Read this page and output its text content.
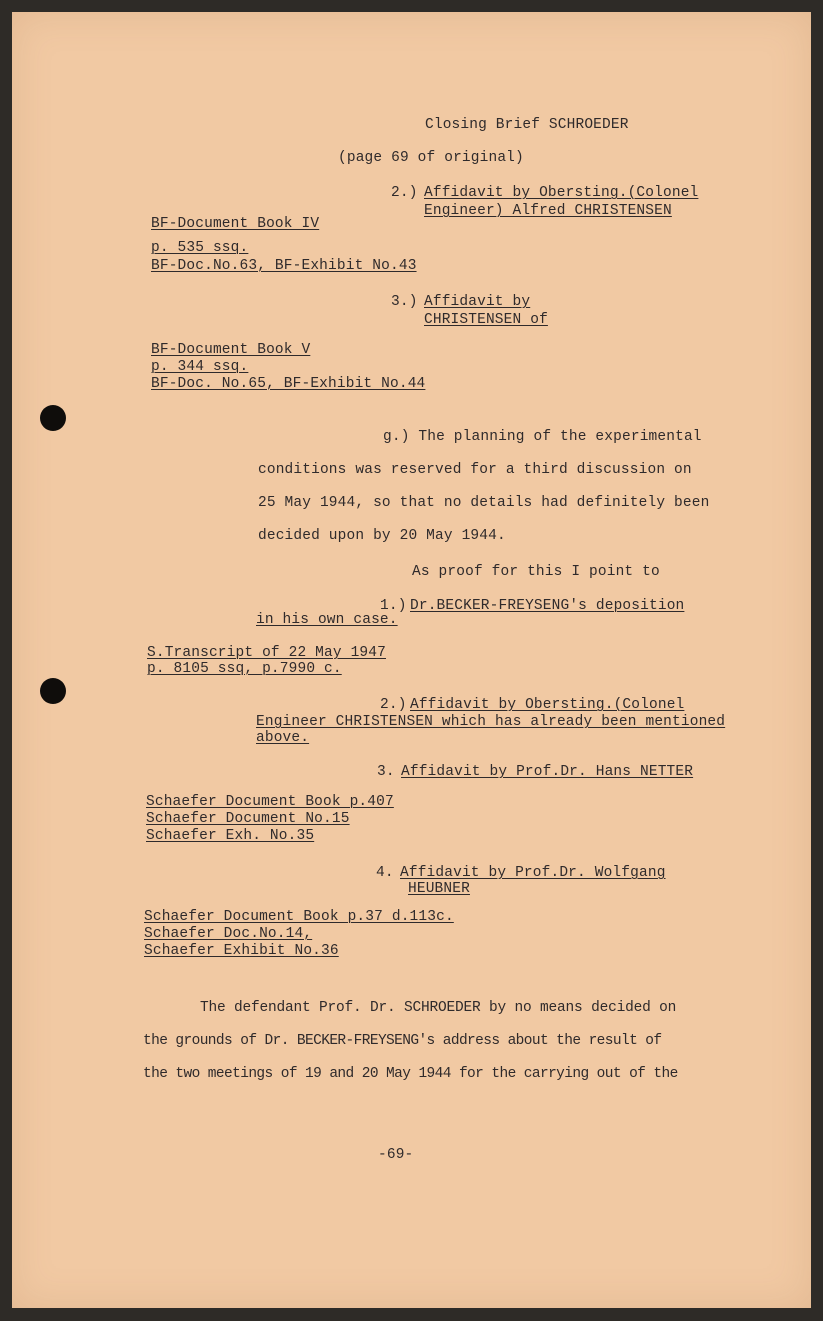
Closing Brief SCHROEDER
(page 69 of original)
2.) Affidavit by Obersting.(Colonel
Engineer) Alfred CHRISTENSEN
BF-Document Book IV
p. 535 ssq.
BF-Doc.No.63, BF-Exhibit No.43
3.) Affidavit by
CHRISTENSEN of
BF-Document Book V
p. 344 ssq.
BF-Doc. No.65, BF-Exhibit No.44
g.) The planning of the experimental
conditions was reserved for a third discussion on
25 May 1944, so that no details had definitely been
decided upon by 20 May 1944.
As proof for this I point to
1.) Dr.BECKER-FREYSENG's deposition
in his own case.
S.Transcript of 22 May 1947
p. 8105 ssq, p.7990 c.
2.) Affidavit by Obersting.(Colonel
Engineer CHRISTENSEN which has already been mentioned
above.
3. Affidavit by Prof.Dr. Hans NETTER
Schaefer Document Book p.407
Schaefer Document No.15
Schaefer Exh. No.35
4. Affidavit by Prof.Dr. Wolfgang
HEUBNER
Schaefer Document Book p.37 d.113c.
Schaefer Doc.No.14,
Schaefer Exhibit No.36
The defendant Prof. Dr. SCHROEDER by no means decided on
the grounds of Dr. BECKER-FREYSENG's address about the result of
the two meetings of 19 and 20 May 1944 for the carrying out of the
-69-
